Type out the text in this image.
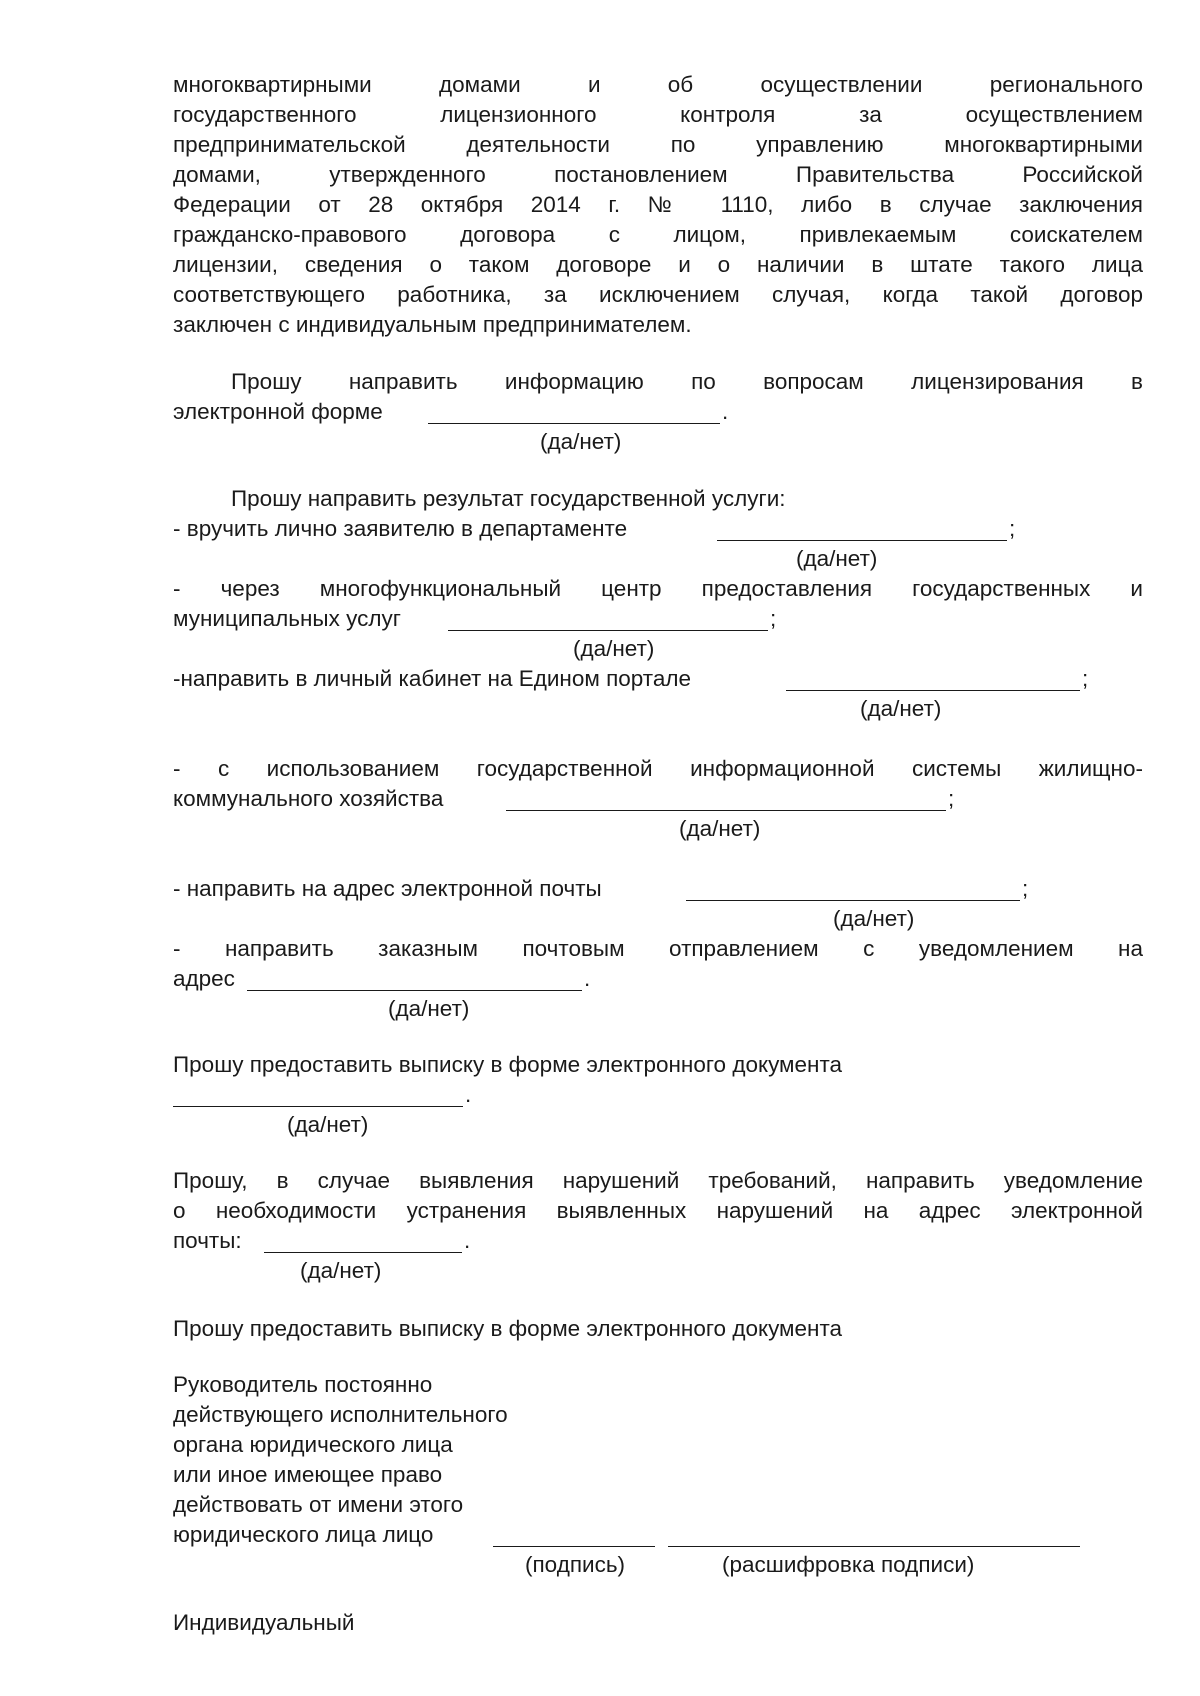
многоквартирными домами и об осуществлении регионального
государственного лицензионного контроля за осуществлением
предпринимательской деятельности по управлению многоквартирными
домами, утвержденного постановлением Правительства Российской
Федерации от 28 октября 2014 г. № 1110, либо в случае заключения
гражданско-правового договора с лицом, привлекаемым соискателем
лицензии, сведения о таком договоре и о наличии в штате такого лица
соответствующего работника, за исключением случая, когда такой договор
заключен с индивидуальным предпринимателем.
Прошу направить информацию по вопросам лицензирования в
электронной форме	.
(да/нет)
Прошу направить результат государственной услуги:
- вручить лично заявителю в департаменте	;
(да/нет)
- через многофункциональный центр предоставления государственных и
муниципальных услуг	;
(да/нет)
-направить в личный кабинет на Едином портале	;
(да/нет)
- с использованием государственной информационной системы жилищно-
коммунального хозяйства	;
(да/нет)
- направить на адрес электронной почты	;
(да/нет)
- направить заказным почтовым отправлением с уведомлением на
адрес	.
(да/нет)
Прошу предоставить выписку в форме электронного документа
.
(да/нет)
Прошу, в случае выявления нарушений требований, направить уведомление
о необходимости устранения выявленных нарушений на адрес электронной
почты:	.
(да/нет)
Прошу предоставить выписку в форме электронного документа
Руководитель постоянно
действующего исполнительного
органа юридического лица
или иное имеющее право
действовать от имени этого
юридического лица лицо
(подпись)	(расшифровка подписи)
Индивидуальный
